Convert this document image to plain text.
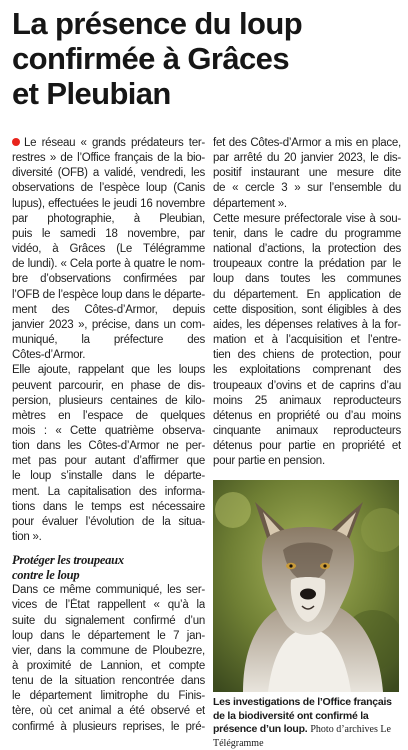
La présence du loup
confirmée à Grâces
et Pleubian
Le réseau « grands prédateurs ter-
restres » de l’Office français de la bio-
diversité (OFB) a validé, vendredi, les
observations de l’espèce loup (Canis
lupus), effectuées le jeudi 16 novembre
par photographie, à Pleubian,
puis le samedi 18 novembre, par
vidéo, à Grâces (Le Télégramme
de lundi). « Cela porte à quatre le nom-
bre d’observations confirmées par
l’OFB de l’espèce loup dans le départe-
ment des Côtes-d’Armor, depuis
janvier 2023 », précise, dans un com-
muniqué, la préfecture des
Côtes-d’Armor.
Elle ajoute, rappelant que les loups
peuvent parcourir, en phase de dis-
persion, plusieurs centaines de kilo-
mètres en l’espace de quelques
mois : « Cette quatrième observa-
tion dans les Côtes-d’Armor ne per-
met pas pour autant d’affirmer que
le loup s’installe dans le départe-
ment. La capitalisation des informa-
tions dans le temps est nécessaire
pour évaluer l’évolution de la situa-
tion ».
Protéger les troupeaux
contre le loup
Dans ce même communiqué, les ser-
vices de l’État rappellent « qu’à la
suite du signalement confirmé d’un
loup dans le département le 7 jan-
vier, dans la commune de Ploubezre,
à proximité de Lannion, et compte
tenu de la situation rencontrée dans
le département limitrophe du Finis-
tère, où cet animal a été observé et
confirmé à plusieurs reprises, le pré-
fet des Côtes-d’Armor a mis en place,
par arrêté du 20 janvier 2023, le dis-
positif instaurant une mesure dite
de « cercle 3 » sur l’ensemble du
département ».
Cette mesure préfectorale vise à sou-
tenir, dans le cadre du programme
national d’actions, la protection des
troupeaux contre la prédation par le
loup dans toutes les communes
du département. En application de
cette disposition, sont éligibles à des
aides, les dépenses relatives à la for-
mation et à l’acquisition et l’entre-
tien des chiens de protection, pour
les exploitations comprenant des
troupeaux d’ovins et de caprins d’au
moins 25 animaux reproducteurs
détenus en propriété ou d’au moins
cinquante animaux reproducteurs
détenus pour partie en propriété et
pour partie en pension.
Les investigations de l’Office français de la biodiversité ont confirmé la présence d’un loup. Photo d’archives Le Télégramme
